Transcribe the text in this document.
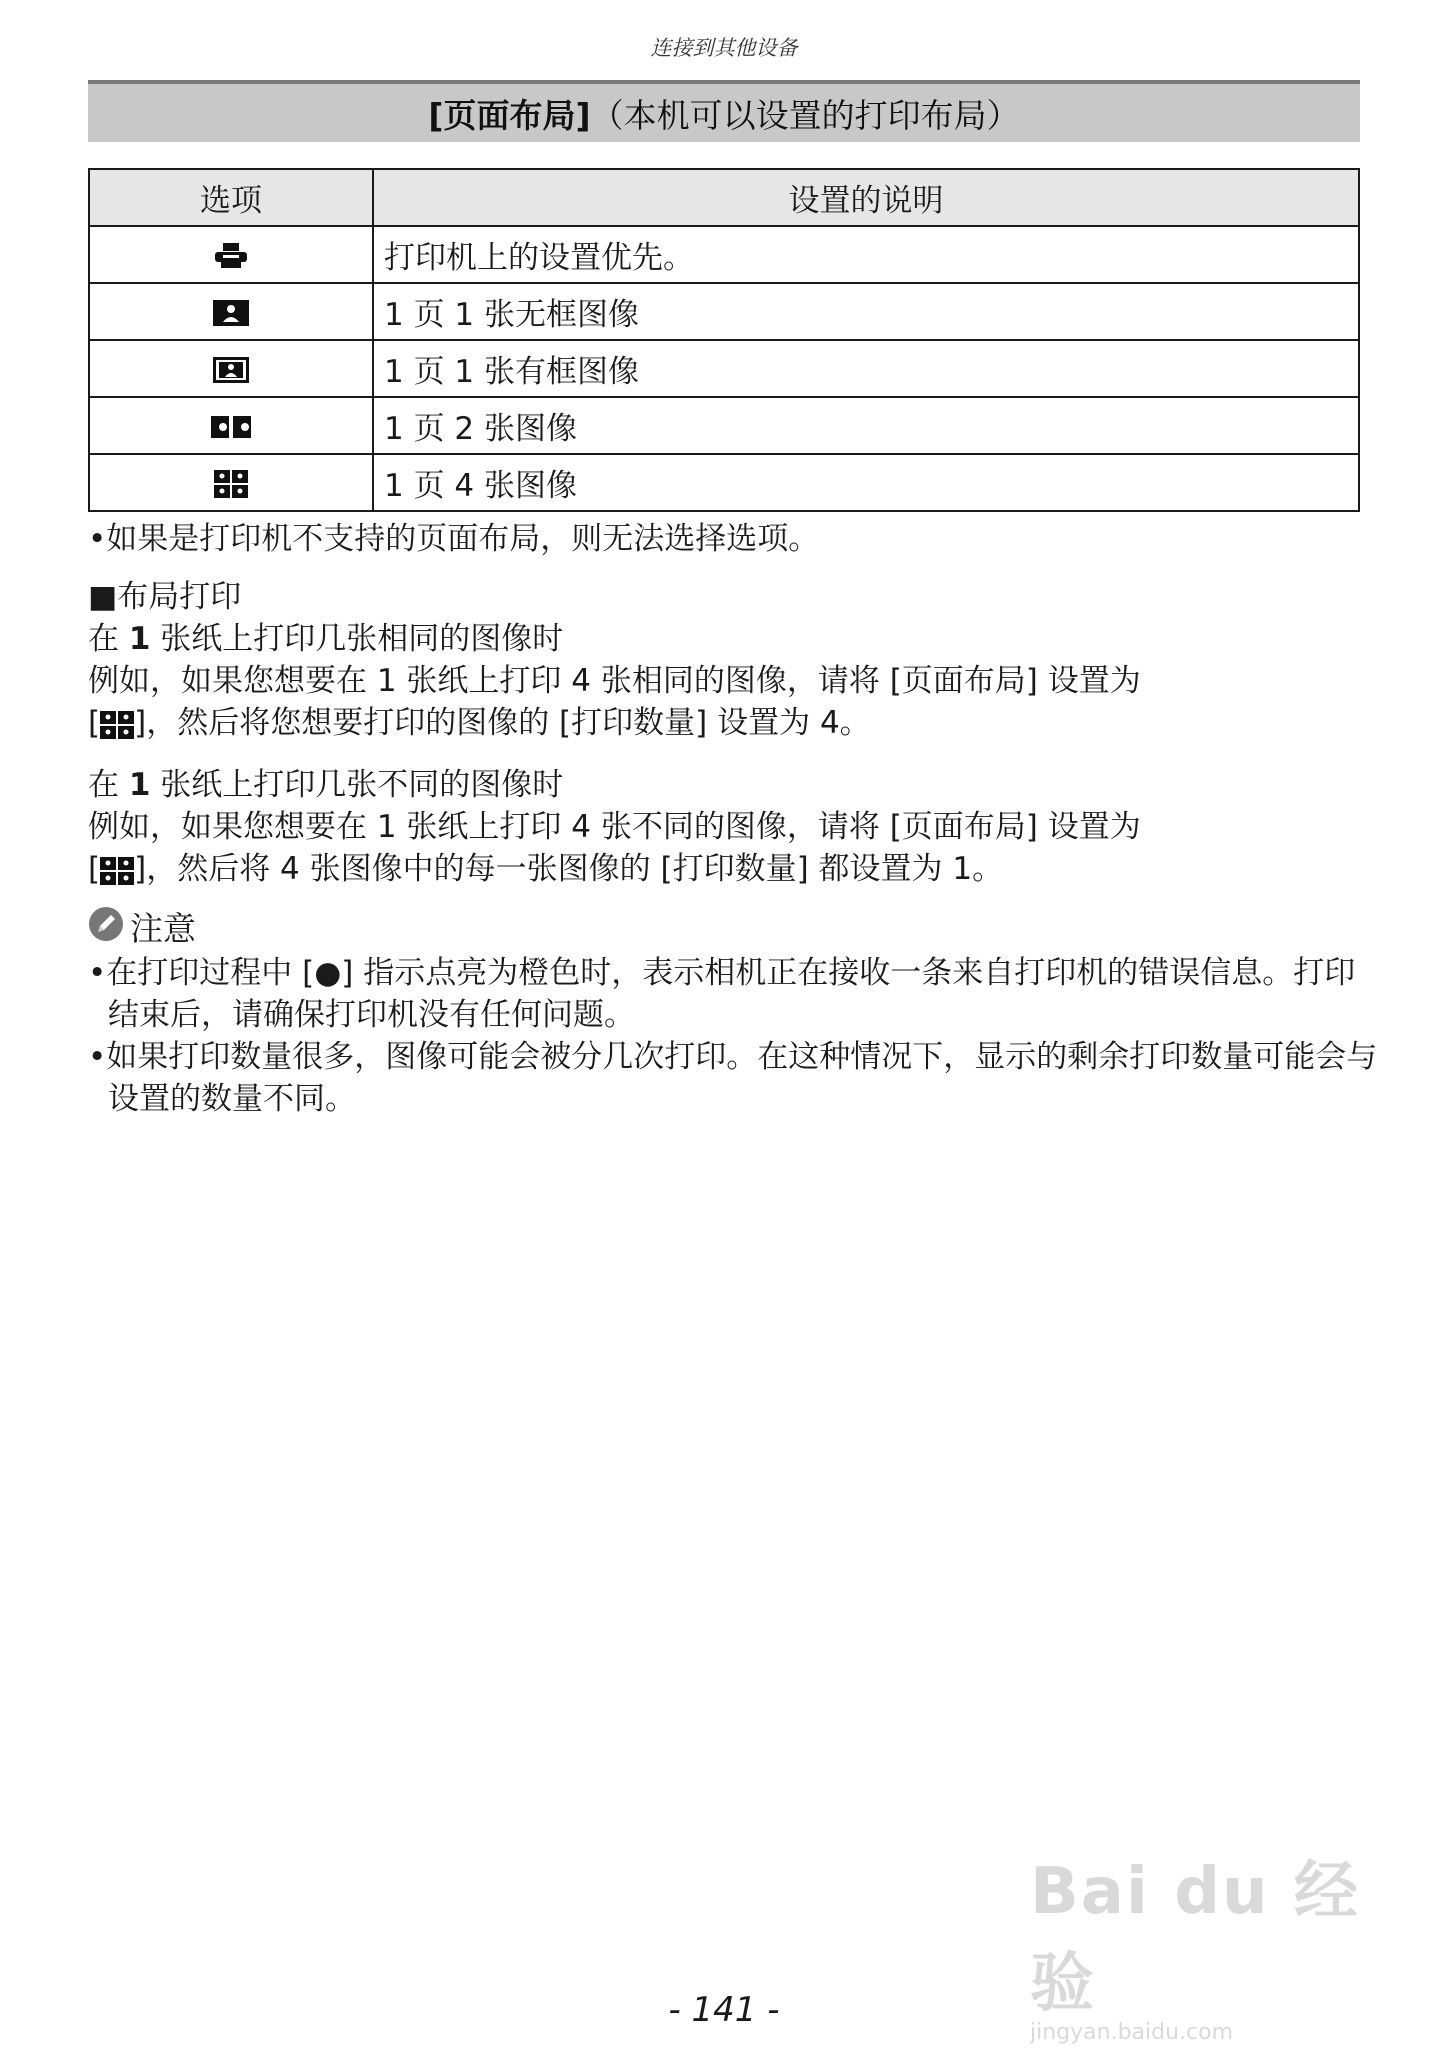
连接到其他设备
[页面布局] （本机可以设置的打印布局）
选项	设置的说明

	打印机上的设置优先。

	1 页 1 张无框图像

	1 页 1 张有框图像

	1 页 2 张图像

	1 页 4 张图像
•如果是打印机不支持的页面布局，则无法选择选项。
■布局打印
在 1 张纸上打印几张相同的图像时
例如，如果您想要在 1 张纸上打印 4 张相同的图像，请将 [页面布局] 设置为
[ ]，然后将您想要打印的图像的 [打印数量] 设置为 4。
在 1 张纸上打印几张不同的图像时
例如，如果您想要在 1 张纸上打印 4 张不同的图像，请将 [页面布局] 设置为
[ ]，然后将 4 张图像中的每一张图像的 [打印数量] 都设置为 1。
注意
•在打印过程中 [●] 指示点亮为橙色时，表示相机正在接收一条来自打印机的错误信息。打印结束后，请确保打印机没有任何问题。
•如果打印数量很多，图像可能会被分几次打印。在这种情况下，显示的剩余打印数量可能会与设置的数量不同。
Bai du 经验
jingyan.baidu.com
- 141 -
